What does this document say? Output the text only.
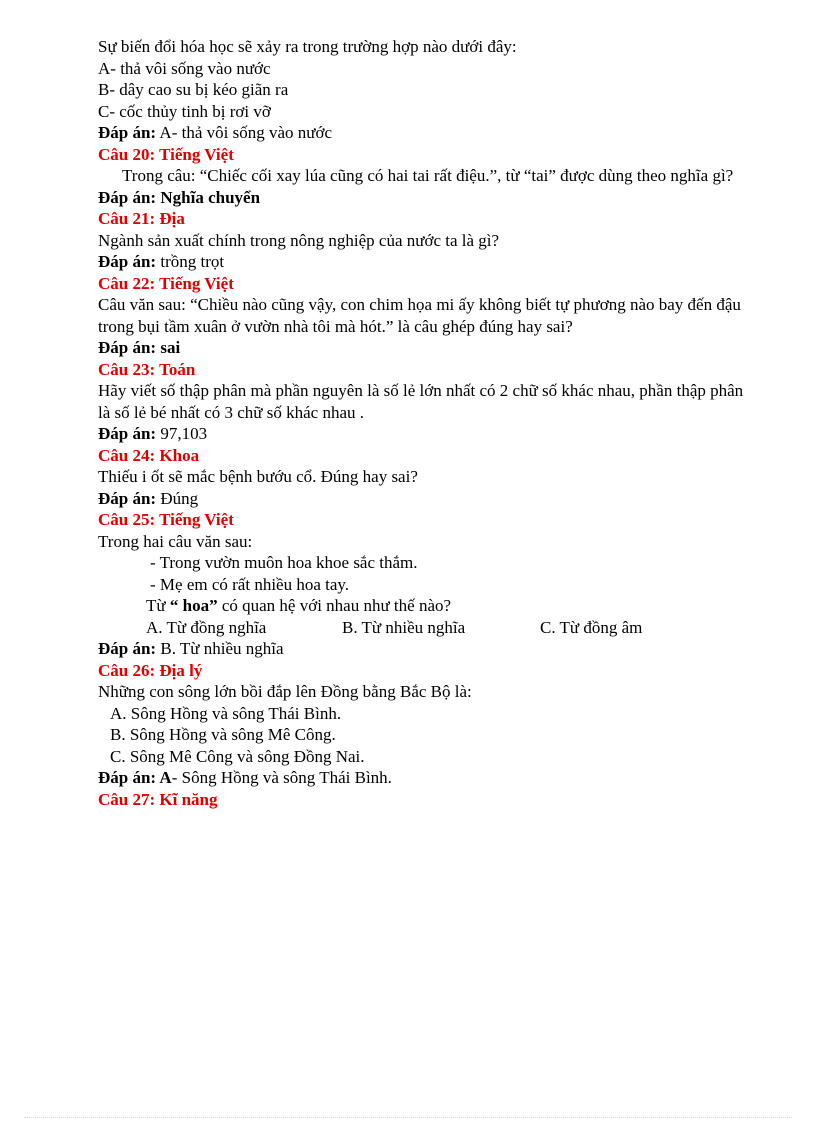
Sự biến đổi hóa học sẽ xảy ra trong trường hợp nào dưới đây:
A- thả vôi sống vào nước
B- dây cao su bị kéo giãn ra
C- cốc thủy tinh bị rơi vỡ
Đáp án: A- thả vôi sống vào nước
Câu 20: Tiếng Việt
Trong câu: “Chiếc cối xay lúa cũng có hai tai rất điệu.”, từ “tai” được dùng theo nghĩa gì?
Đáp án: Nghĩa chuyển
Câu 21: Địa
Ngành sản xuất chính trong nông nghiệp của nước ta là gì?
Đáp án: trồng trọt
Câu 22: Tiếng Việt
Câu văn sau: “Chiều nào cũng vậy, con chim họa mi ấy không biết tự phương nào bay đến đậu trong bụi tầm xuân ở vườn nhà tôi mà hót.” là câu ghép đúng hay sai?
Đáp án: sai
Câu 23: Toán
Hãy viết số thập phân mà phần nguyên là số lẻ lớn nhất có 2 chữ số khác nhau, phần thập phân là số lẻ bé nhất có 3 chữ số khác nhau .
Đáp án: 97,103
Câu 24: Khoa
Thiếu i ốt sẽ mắc bệnh bướu cổ. Đúng hay sai?
Đáp án: Đúng
Câu 25: Tiếng Việt
Trong hai câu văn sau:
- Trong vườn muôn hoa khoe sắc thắm.
- Mẹ em có rất nhiều hoa tay.
Từ “ hoa” có quan hệ với nhau như thế nào?
A. Từ đồng nghĩa	B. Từ nhiều nghĩa	C. Từ đồng âm
Đáp án: B. Từ nhiều nghĩa
Câu 26: Địa lý
Những con sông lớn bồi đắp lên Đồng bằng Bắc Bộ là:
A. Sông Hồng và sông Thái Bình.
B. Sông Hồng và sông Mê Công.
C. Sông Mê Công và sông Đồng Nai.
Đáp án: A- Sông Hồng và sông Thái Bình.
Câu 27: Kĩ năng
